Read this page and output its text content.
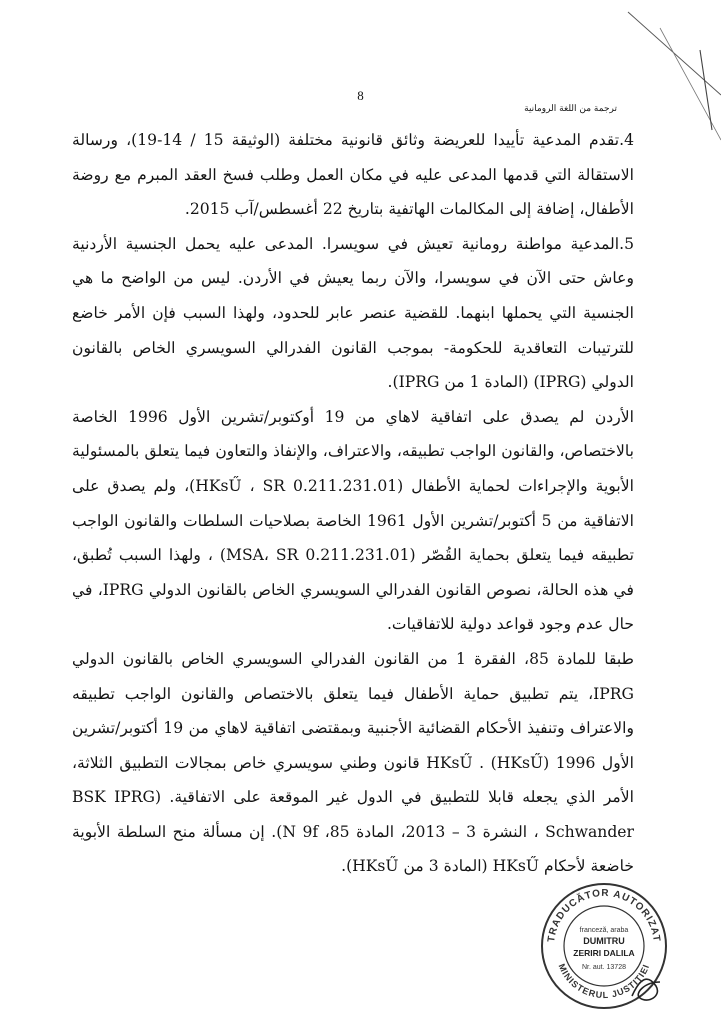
8
ترجمة من اللغة الرومانية

4.تقدم المدعية تأييدا للعريضة وثائق قانونية مختلفة (الوثيقة 15 / 14-19)، ورسالة الاستقالة التي قدمها المدعى عليه في مكان العمل وطلب فسخ العقد المبرم مع روضة الأطفال، إضافة إلى المكالمات الهاتفية بتاريخ 22 أغسطس/آب 2015.

5.المدعية مواطنة رومانية تعيش في سويسرا. المدعى عليه يحمل الجنسية الأردنية وعاش حتى الآن في سويسرا، والآن ربما يعيش في الأردن. ليس من الواضح ما هي الجنسية التي يحملها ابنهما. للقضية عنصر عابر للحدود، ولهذا السبب فإن الأمر خاضع للترتيبات التعاقدية للحكومة- بموجب القانون الفدرالي السويسري الخاص بالقانون الدولي (IPRG) (المادة 1 من IPRG).

الأردن لم يصدق على اتفاقية لاهاي من 19 أوكتوبر/تشرين الأول 1996 الخاصة بالاختصاص، والقانون الواجب تطبيقه، والاعتراف، والإنفاذ والتعاون فيما يتعلق بالمسئولية الأبوية والإجراءات لحماية الأطفال (HKsŰ ، SR 0.211.231.01)، ولم يصدق على الاتفاقية من 5 أكتوبر/تشرين الأول 1961 الخاصة بصلاحيات السلطات والقانون الواجب تطبيقه فيما يتعلق بحماية القُصّر (MSA، SR 0.211.231.01) ، ولهذا السبب تُطبق، في هذه الحالة، نصوص القانون الفدرالي السويسري الخاص بالقانون الدولي IPRG، في حال عدم وجود قواعد دولية للاتفاقيات.

طبقا للمادة 85، الفقرة 1 من القانون الفدرالي السويسري الخاص بالقانون الدولي IPRG، يتم تطبيق حماية الأطفال فيما يتعلق بالاختصاص والقانون الواجب تطبيقه والاعتراف وتنفيذ الأحكام القضائية الأجنبية وبمقتضى اتفاقية لاهاي من 19 أكتوبر/تشرين الأول 1996 (HKsŰ) . HKsŰ قانون وطني سويسري خاص بمجالات التطبيق الثلاثة، الأمر الذي يجعله قابلا للتطبيق في الدول غير الموقعة على الاتفاقية. (BSK IPRG Schwander ، النشرة 3 – 2013، المادة 85، N 9f). إن مسألة منح السلطة الأبوية خاضعة لأحكام HKsŰ (المادة 3 من HKsŰ).

TRADUCĂTOR AUTORIZAT
MINISTERUL JUSTIȚIEI
franceză, araba
DUMITRU
ZERIRI DALILA
Nr. aut. 13728
